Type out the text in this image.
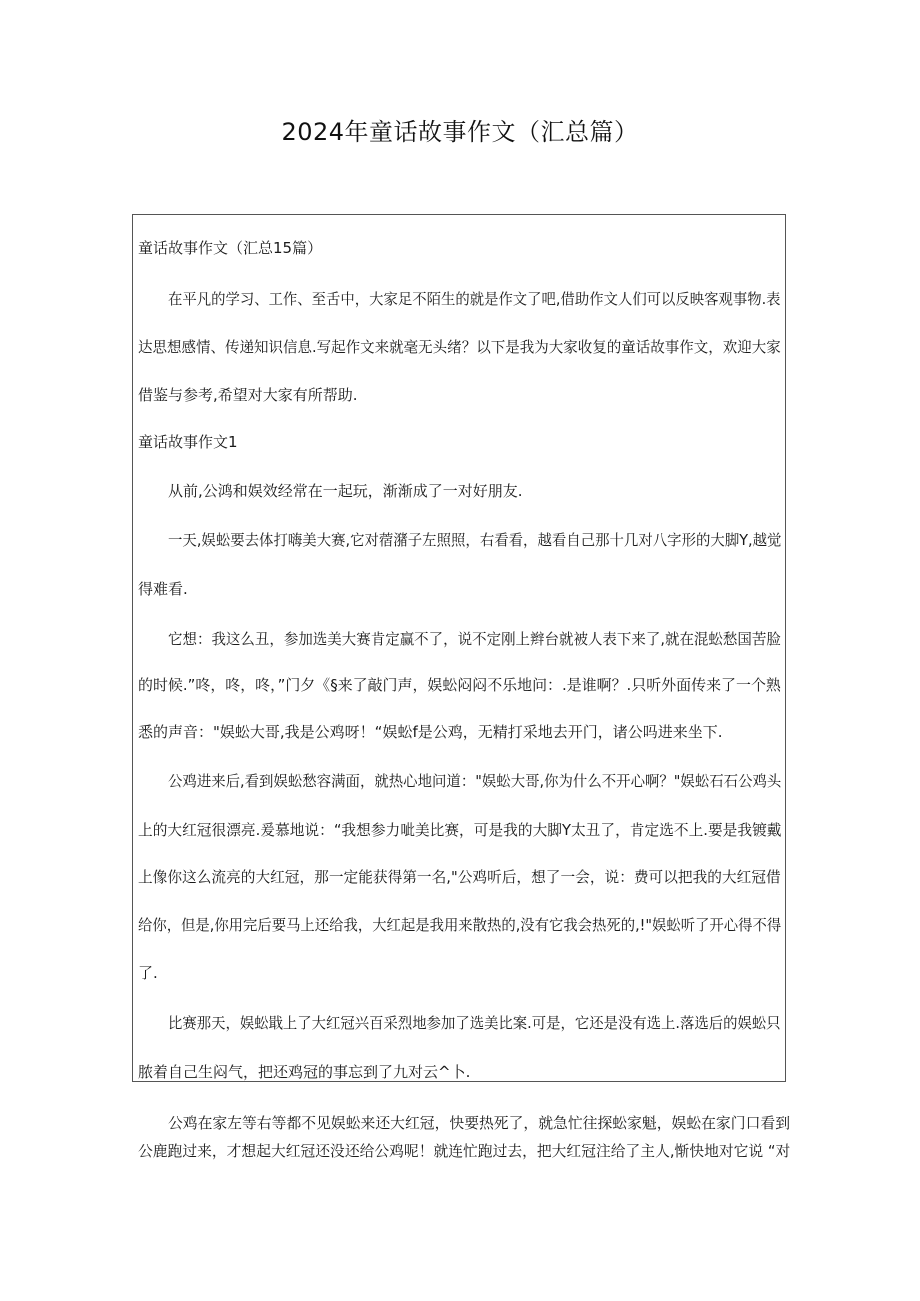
2024年童话故事作文（汇总篇）
童话故事作文（汇总15篇）
在平凡的学习、工作、至舌中，大家足不陌生的就是作文了吧,借助作文人们可以反映客观事物.表
达思想感情、传递知识信息.写起作文来就毫无头绪？以下是我为大家收复的童话故事作文，欢迎大家
借鉴与参考,希望对大家有所帮助.
童话故事作文1
从前,公鸿和娱效经常在一起玩，渐渐成了一对好朋友.
一天,娱蚣要去体打嗨美大赛,它对蓿潴子左照照，右看看，越看自己那十几对八字形的大脚Y,越觉
得难看.
它想：我这么丑，参加选美大赛肯定赢不了，说不定刚上辫台就被人表下来了,就在混蚣愁国苦脸
的时候.”咚，咚，咚，”门夕《§来了敲门声，娱蚣闷闷不乐地问：.是谁啊？.只听外面传来了一个熟
悉的声音："娱蚣大哥,我是公鸡呀！“娱蚣f是公鸡，无精打采地去开门，诸公吗进来坐下.
公鸡进来后,看到娱蚣愁容满面，就热心地问道："娱蚣大哥,你为什么不开心啊？"娱蚣石石公鸡头
上的大红冠很漂亮.爰慕地说：“我想参力呲美比赛，可是我的大脚Y太丑了，肯定选不上.要是我镀戴
上像你这么流亮的大红冠，那一定能获得第一名,"公鸡听后，想了一会，说：费可以把我的大红冠借
给你，但是,你用完后要马上还给我，大红起是我用来散热的,没有它我会热死的,!"娱蚣听了开心得不得
了.
比赛那天，娱蚣戢上了大红冠兴百采烈地参加了选美比案.可是，它还是没有选上.落选后的娱蚣只
脓着自己生闷气，把还鸡冠的事忘到了九对云^卜.
公鸡在家左等右等都不见娱蚣来还大红冠，快要热死了，就急忙往探蚣家魁，娱蚣在家门口看到
公鹿跑过来，才想起大红冠还没还给公鸡呢！就连忙跑过去，把大红冠注给了主人,惭快地对它说 “对
